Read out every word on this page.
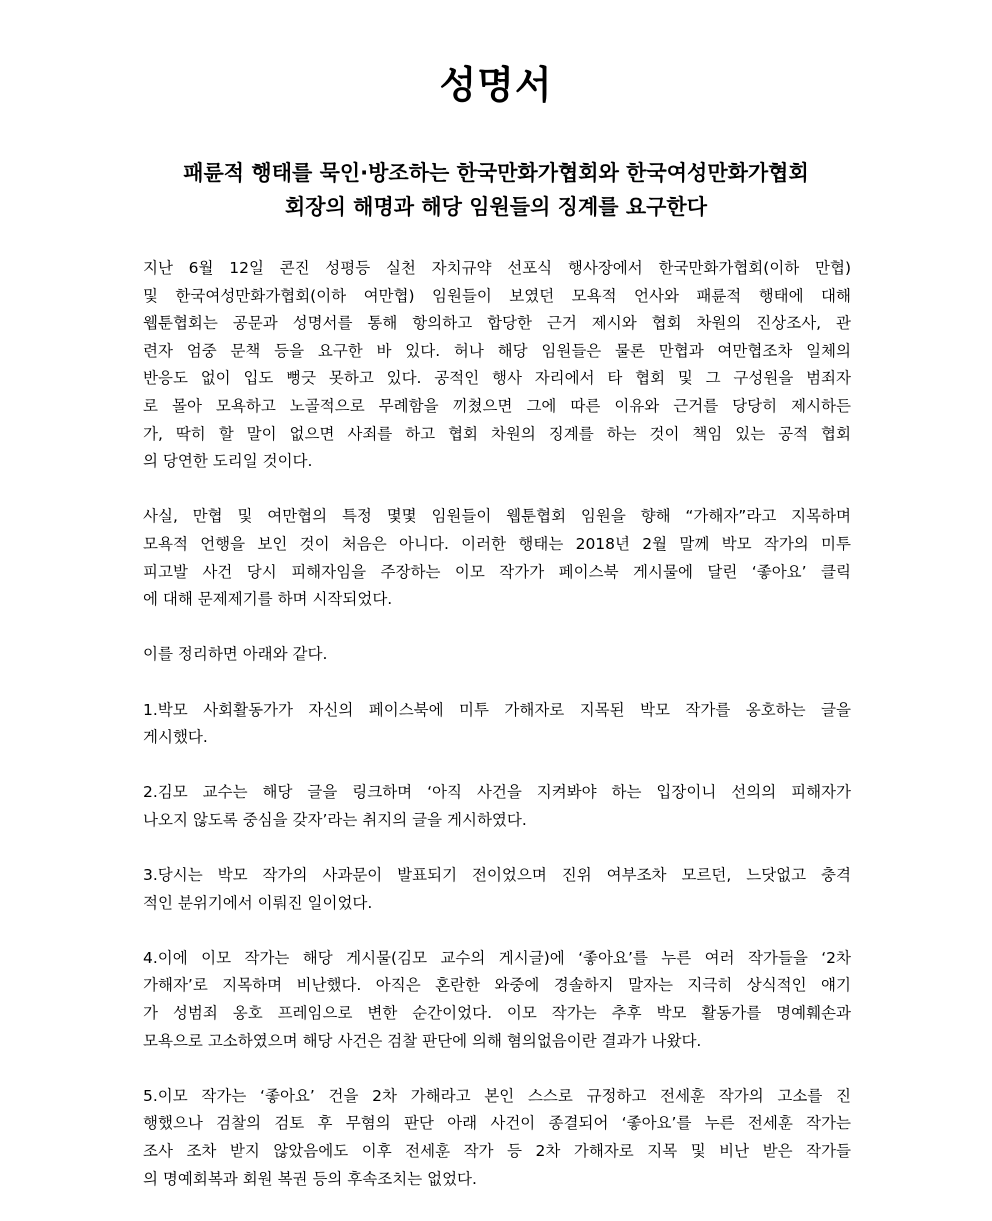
성명서
패륜적 행태를 묵인·방조하는 한국만화가협회와 한국여성만화가협회
회장의 해명과 해당 임원들의 징계를 요구한다
지난 6월 12일 콘진 성평등 실천 자치규약 선포식 행사장에서 한국만화가협회(이하 만협)
및 한국여성만화가협회(이하 여만협) 임원들이 보였던 모욕적 언사와 패륜적 행태에 대해
웹툰협회는 공문과 성명서를 통해 항의하고 합당한 근거 제시와 협회 차원의 진상조사, 관
련자 엄중 문책 등을 요구한 바 있다. 허나 해당 임원들은 물론 만협과 여만협조차 일체의
반응도 없이 입도 뻥긋 못하고 있다. 공적인 행사 자리에서 타 협회 및 그 구성원을 범죄자
로 몰아 모욕하고 노골적으로 무례함을 끼쳤으면 그에 따른 이유와 근거를 당당히 제시하든
가, 딱히 할 말이 없으면 사죄를 하고 협회 차원의 징계를 하는 것이 책임 있는 공적 협회
의 당연한 도리일 것이다.
사실, 만협 및 여만협의 특정 몇몇 임원들이 웹툰협회 임원을 향해 “가해자”라고 지목하며
모욕적 언행을 보인 것이 처음은 아니다. 이러한 행태는 2018년 2월 말께 박모 작가의 미투
피고발 사건 당시 피해자임을 주장하는 이모 작가가 페이스북 게시물에 달린 ‘좋아요’ 클릭
에 대해 문제제기를 하며 시작되었다.
이를 정리하면 아래와 같다.
1.박모 사회활동가가 자신의 페이스북에 미투 가해자로 지목된 박모 작가를 옹호하는 글을
게시했다.
2.김모 교수는 해당 글을 링크하며 ‘아직 사건을 지켜봐야 하는 입장이니 선의의 피해자가
나오지 않도록 중심을 갖자’라는 취지의 글을 게시하였다.
3.당시는 박모 작가의 사과문이 발표되기 전이었으며 진위 여부조차 모르던, 느닷없고 충격
적인 분위기에서 이뤄진 일이었다.
4.이에 이모 작가는 해당 게시물(김모 교수의 게시글)에 ‘좋아요’를 누른 여러 작가들을 ‘2차
가해자’로 지목하며 비난했다. 아직은 혼란한 와중에 경솔하지 말자는 지극히 상식적인 얘기
가 성범죄 옹호 프레임으로 변한 순간이었다. 이모 작가는 추후 박모 활동가를 명예훼손과
모욕으로 고소하였으며 해당 사건은 검찰 판단에 의해 혐의없음이란 결과가 나왔다.
5.이모 작가는 ‘좋아요’ 건을 2차 가해라고 본인 스스로 규정하고 전세훈 작가의 고소를 진
행했으나 검찰의 검토 후 무혐의 판단 아래 사건이 종결되어 ‘좋아요’를 누른 전세훈 작가는
조사 조차 받지 않았음에도 이후 전세훈 작가 등 2차 가해자로 지목 및 비난 받은 작가들
의 명예회복과 회원 복권 등의 후속조치는 없었다.
